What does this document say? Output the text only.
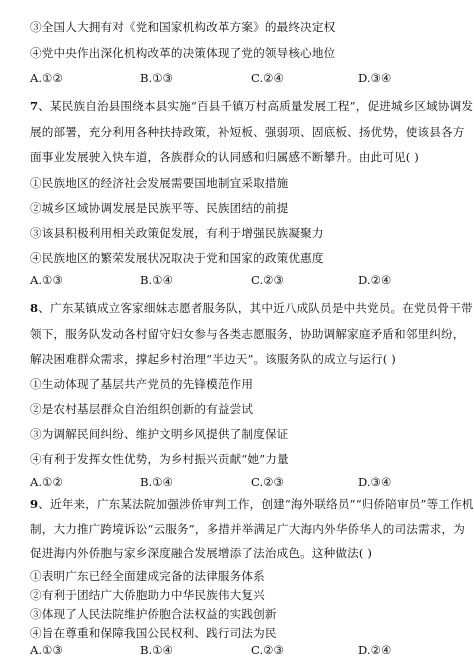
③全国人大拥有对《党和国家机构改革方案》的最终决定权
④党中央作出深化机构改革的决策体现了党的领导核心地位
A.①②	B.①③	C.②④	D.③④
7、某民族自治县围绕本县实施“百县千镇万村高质量发展工程”，促进城乡区域协调发
展的部署，充分利用各种扶持政策，补短板、强弱项、固底板、扬优势，使该县各方
面事业发展驶入快车道，各族群众的认同感和归属感不断攀升。由此可见( )
①民族地区的经济社会发展需要国地制宜采取措施
②城乡区域协调发展是民族平等、民族团结的前提
③该县积极利用相关政策促发展，有利于增强民族凝聚力
④民族地区的繁荣发展状况取决于党和国家的政策优惠度
A.①③	B.①④	C.②③	D.②④
8、广东某镇成立客家细妹志愿者服务队，其中近八成队员是中共党员。在党员骨干带
领下，服务队发动各村留守妇女参与各类志愿服务，协助调解家庭矛盾和邻里纠纷，
解决困难群众需求，撑起乡村治理“半边天”。该服务队的成立与运行( )
①生动体现了基层共产党员的先锋模范作用
②是农村基层群众自治组织创新的有益尝试
③为调解民间纠纷、维护文明乡风提供了制度保证
④有利于发挥女性优势，为乡村振兴贡献“她”力量
A.①②	B.①④	C.②③	D.③④
9、近年来，广东某法院加强涉侨审判工作，创建“海外联络员”“归侨陪审员”等工作机
制，大力推广跨境诉讼“云服务”，多措并举满足广大海内外华侨华人的司法需求，为
促进海内外侨胞与家乡深度融合发展增添了法治成色。这种做法( )
①表明广东已经全面建成完备的法律服务体系
②有利于团结广大侨胞助力中华民族伟大复兴
③体现了人民法院维护侨胞合法权益的实践创新
④旨在尊重和保障我国公民权利、践行司法为民
A.①③	B.①④	C.②③	D.②④
